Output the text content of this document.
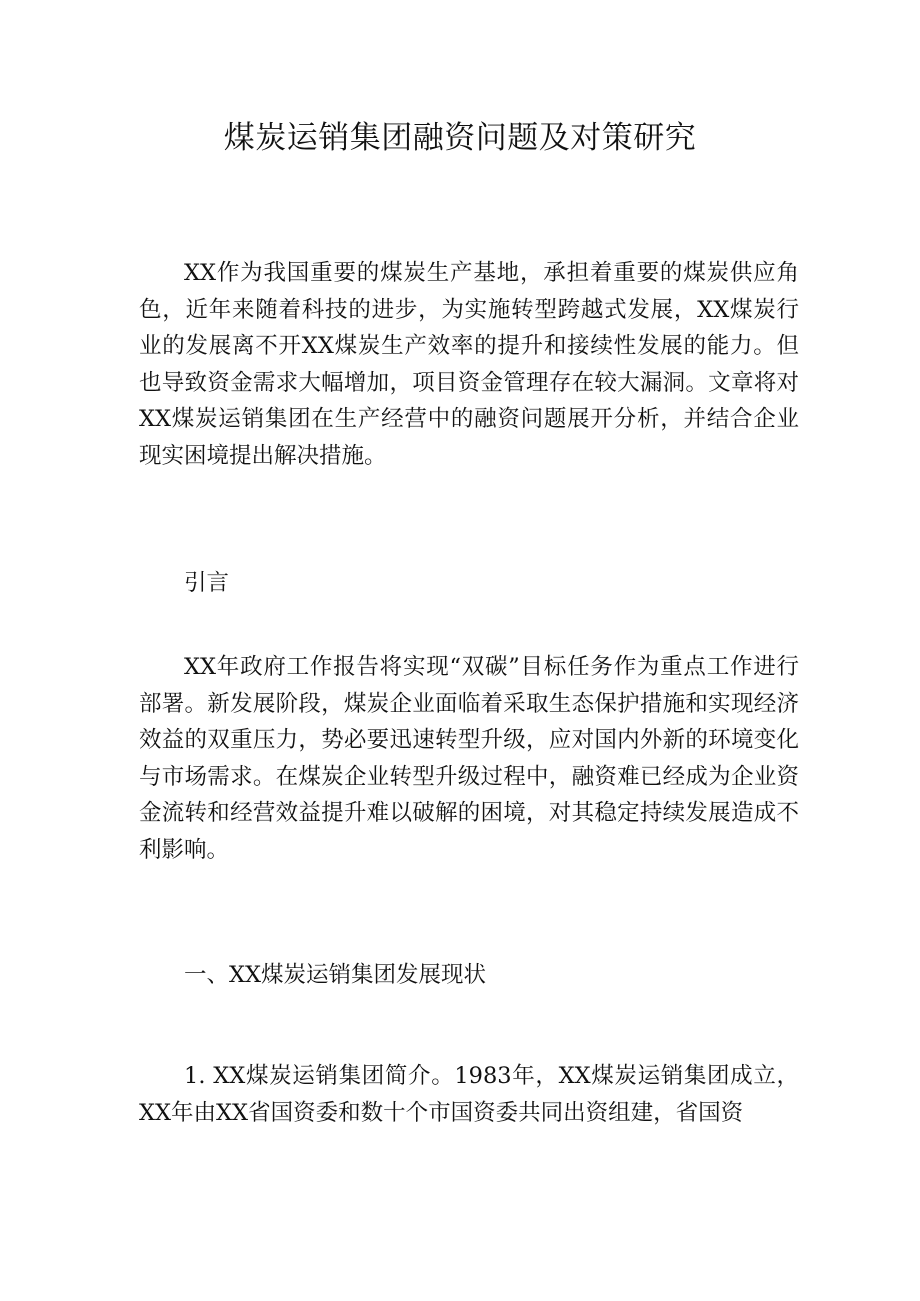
煤炭运销集团融资问题及对策研究

XX作为我国重要的煤炭生产基地，承担着重要的煤炭供应角色，近年来随着科技的进步，为实施转型跨越式发展，XX煤炭行业的发展离不开XX煤炭生产效率的提升和接续性发展的能力。但也导致资金需求大幅增加，项目资金管理存在较大漏洞。文章将对XX煤炭运销集团在生产经营中的融资问题展开分析，并结合企业现实困境提出解决措施。

引言

XX年政府工作报告将实现“双碳”目标任务作为重点工作进行部署。新发展阶段，煤炭企业面临着采取生态保护措施和实现经济效益的双重压力，势必要迅速转型升级，应对国内外新的环境变化与市场需求。在煤炭企业转型升级过程中，融资难已经成为企业资金流转和经营效益提升难以破解的困境，对其稳定持续发展造成不利影响。

一、XX煤炭运销集团发展现状

1. XX煤炭运销集团简介。1983年，XX煤炭运销集团成立，XX年由XX省国资委和数十个市国资委共同出资组建，省国资
